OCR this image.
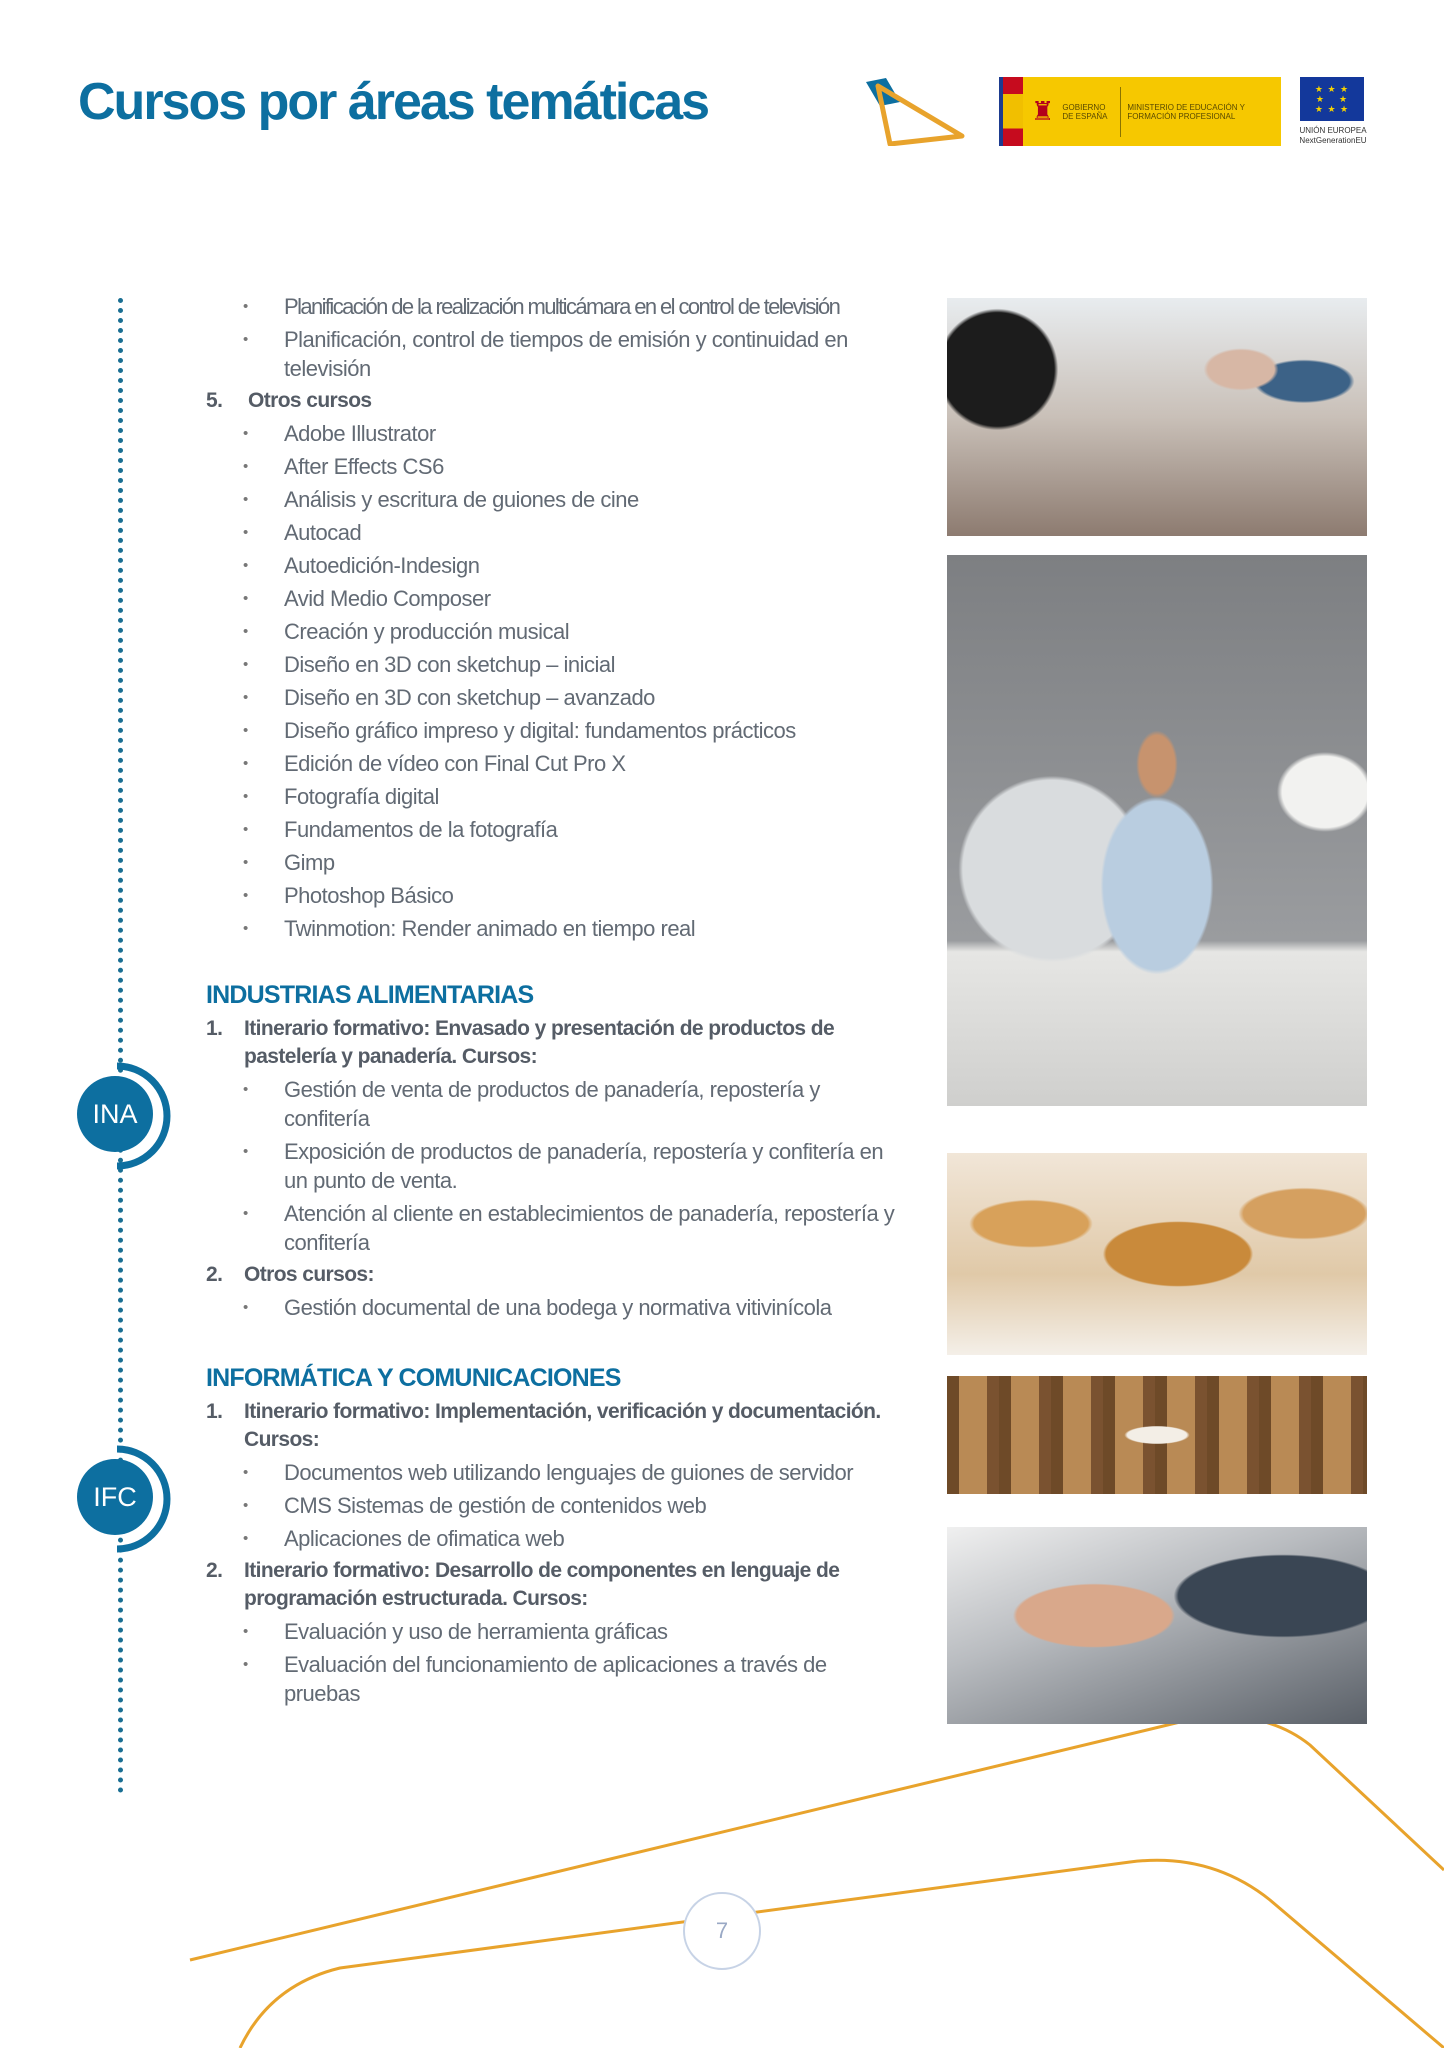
Cursos por áreas temáticas	♜ GOBIERNO DE ESPAÑA
MINISTERIO DE EDUCACIÓN Y FORMACIÓN PROFESIONAL
★ ★ ★
★    ★
★ ★ ★
UNIÓN EUROPEA
NextGenerationEU
INA
IFC
• Planificación de la realización multicámara en el control de televisión
• Planificación, control de tiempos de emisión y continuidad en televisión
5. Otros cursos
• Adobe Illustrator
• After Effects CS6
• Análisis y escritura de guiones de cine
• Autocad
• Autoedición-Indesign
• Avid Medio Composer
• Creación y producción musical
• Diseño en 3D con sketchup – inicial
• Diseño en 3D con sketchup – avanzado
• Diseño gráfico impreso y digital: fundamentos prácticos
• Edición de vídeo con Final Cut Pro X
• Fotografía digital
• Fundamentos de la fotografía
• Gimp
• Photoshop Básico
• Twinmotion: Render animado en tiempo real
INDUSTRIAS ALIMENTARIAS
1. Itinerario formativo: Envasado y presentación de productos de pastelería y panadería. Cursos:
• Gestión de venta de productos de panadería, repostería y confitería
• Exposición de productos de panadería, repostería y confitería en un punto de venta.
• Atención al cliente en establecimientos de panadería, repostería y confitería
2. Otros cursos:
• Gestión documental de una bodega y normativa vitivinícola
INFORMÁTICA Y COMUNICACIONES
1. Itinerario formativo: Implementación, verificación y documentación. Cursos:
• Documentos web utilizando lenguajes de guiones de servidor
• CMS Sistemas de gestión de contenidos web
• Aplicaciones de ofimatica web
2. Itinerario formativo: Desarrollo de componentes en lenguaje de programación estructurada. Cursos:
• Evaluación y uso de herramienta gráficas
• Evaluación del funcionamiento de aplicaciones a través de pruebas
7
